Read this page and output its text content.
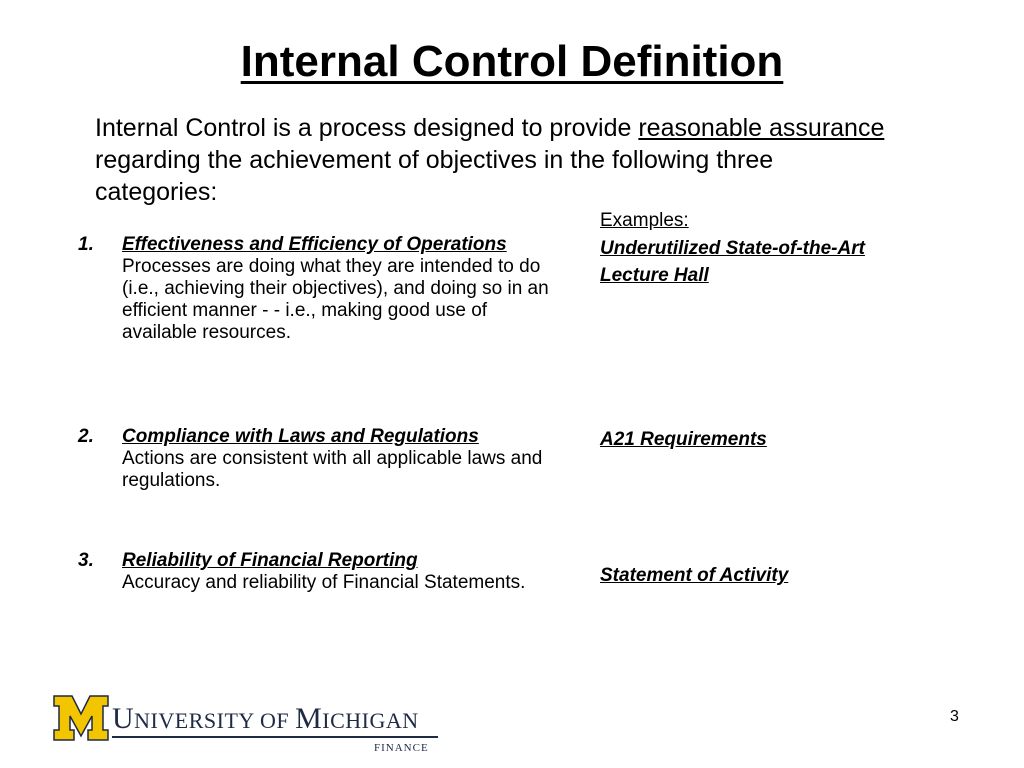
Internal Control Definition
Internal Control is a process designed to provide reasonable assurance regarding the achievement of objectives in the following three categories:
1. Effectiveness and Efficiency of Operations Processes are doing what they are intended to do (i.e., achieving their objectives), and doing so in an efficient manner - - i.e., making good use of available resources.
2. Compliance with Laws and Regulations
Actions are consistent with all applicable laws and regulations.
3. Reliability of Financial Reporting
Accuracy and reliability of Financial Statements.
Examples:
Underutilized State-of-the-Art Lecture Hall
A21 Requirements
Statement of Activity
UNIVERSITY OF MICHIGAN
FINANCE
3
